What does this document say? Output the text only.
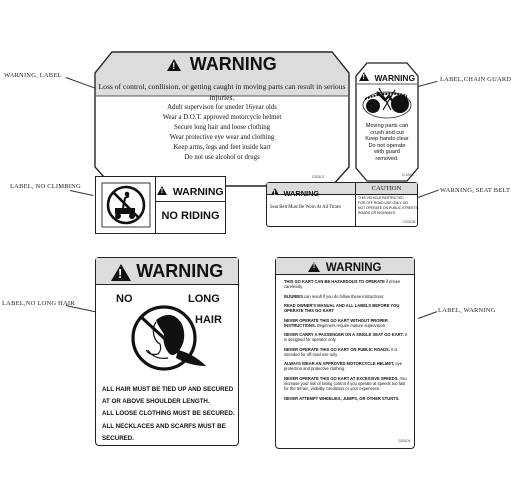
WARNING, LABEL
LABEL,CHAIN GUARD
LABEL, NO CLIMBING
WARNING, SEAT BELT
LABEL,NO LONG HAIR
LABEL, WARNING
! WARNING
Loss of control, conllision, or getting caught in moving parts can result in serious injuries.
Adult supervison for uneder 16year olds
Wear a D.O.T. approved motorcycle helmet
Secure long hair and loose clothing
Wear protective eye wear and clothing
Keep arms, legs and feet inside kart
Do not use alcohol or drugs
G03107
! WARNING
Moving parts can
crush and cut
Keep hands clear
Do not operate
with guard
removed.
G-0094
! WARNING
NO RIDING
! WARNING
CAUTION
Seat Belt Must Be Worn At All Times
THIS VEHICLE RESTRICTED
FOR OFF ROAD USE ONLY. DO
NOT OPERATE ON PUBLIC STREETS,
ROADS OR HIGHWAYS.
G03108
! WARNING
NO	LONG
HAIR
ALL HAIR MUST BE TIED UP AND SECURED
AT OR ABOVE SHOULDER LENGTH.
ALL LOOSE CLOTHING MUST BE SECURED.
ALL NECKLACES AND SCARFS MUST BE
SECURED.
! WARNING
THIS GO KART CAN BE HAZARDOUS TO OPERATE if driven carelessly.
INJURIES can result if you do follow these instructions:
READ OWNER'S MANUAL AND ALL LABELS BEFORE YOU OPERATE THIS GO KART
NEVER OPERATE THIS GO KART WITHOUT PROPER INSTRUCTIONS. Beginners require mature supervision.
NEVER CARRY A PASSENGER ON A SINGLE SEAT GO KART. It is designed for operator only.
NEVER OPERATE THIS GO KART ON PUBLIC ROADS. It is intended for off-road use only.
ALWAYS WEAR AN APPROVED MOTORCYCLE HELMET, eye protection and protective clothing.
NEVER OPERATE THIS GO KART AT EXCESSIVE SPEEDS. You increase your risk of losing control if you operate at speeds too fast for the terrain, visibility conditions or your experience.
NEVER ATTEMPT WHEELIES, JUMPS, OR OTHER STUNTS.
G03104
